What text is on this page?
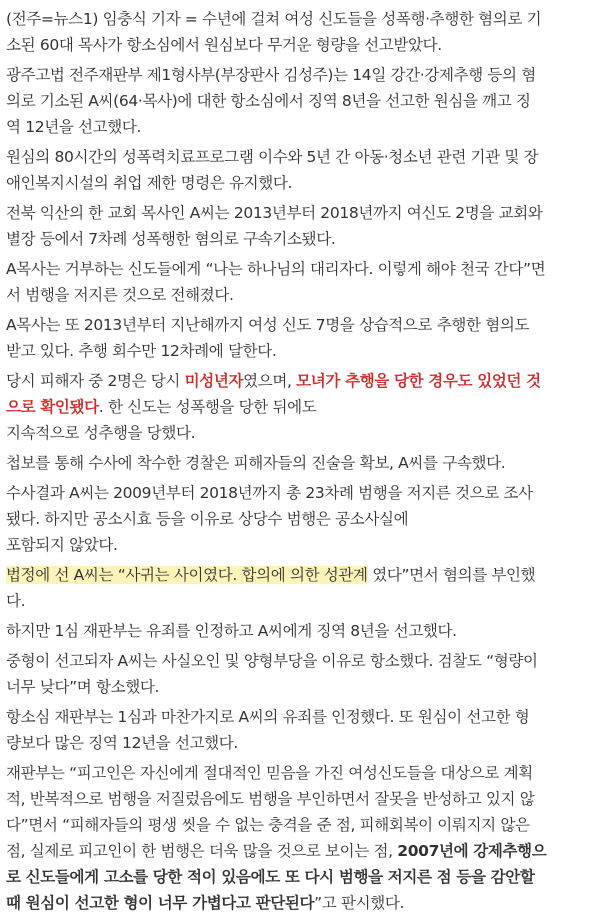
(전주=뉴스1) 임충식 기자 = 수년에 걸쳐 여성 신도들을 성폭행·추행한 혐의로 기
소된 60대 목사가 항소심에서 원심보다 무거운 형량을 선고받았다.
광주고법 전주재판부 제1형사부(부장판사 김성주)는 14일 강간·강제추행 등의 혐
의로 기소된 A씨(64·목사)에 대한 항소심에서 징역 8년을 선고한 원심을 깨고 징
역 12년을 선고했다.
원심의 80시간의 성폭력치료프로그램 이수와 5년 간 아동·청소년 관련 기관 및 장
애인복지시설의 취업 제한 명령은 유지했다.
전북 익산의 한 교회 목사인 A씨는 2013년부터 2018년까지 여신도 2명을 교회와
별장 등에서 7차례 성폭행한 혐의로 구속기소됐다.
A목사는 거부하는 신도들에게 “나는 하나님의 대리자다. 이렇게 해야 천국 간다”면
서 범행을 저지른 것으로 전해졌다.
A목사는 또 2013년부터 지난해까지 여성 신도 7명을 상습적으로 추행한 혐의도
받고 있다. 추행 회수만 12차례에 달한다.
당시 피해자 중 2명은 당시 미성년자였으며, 모녀가 추행을 당한 경우도 있었던 것
으로 확인됐다. 한 신도는 성폭행을 당한 뒤에도
지속적으로 성추행을 당했다.
첩보를 통해 수사에 착수한 경찰은 피해자들의 진술을 확보, A씨를 구속했다.
수사결과 A씨는 2009년부터 2018년까지 총 23차례 범행을 저지른 것으로 조사
됐다. 하지만 공소시효 등을 이유로 상당수 범행은 공소사실에
포함되지 않았다.
법정에 선 A씨는 “사귀는 사이였다. 합의에 의한 성관계 였다”면서 혐의를 부인했
다.
하지만 1심 재판부는 유죄를 인정하고 A씨에게 징역 8년을 선고했다.
중형이 선고되자 A씨는 사실오인 및 양형부당을 이유로 항소했다. 검찰도 “형량이
너무 낮다”며 항소했다.
항소심 재판부는 1심과 마찬가지로 A씨의 유죄를 인정했다. 또 원심이 선고한 형
량보다 많은 징역 12년을 선고했다.
재판부는 “피고인은 자신에게 절대적인 믿음을 가진 여성신도들을 대상으로 계획
적, 반복적으로 범행을 저질렀음에도 범행을 부인하면서 잘못을 반성하고 있지 않
다”면서 “피해자들의 평생 씻을 수 없는 충격을 준 점, 피해회복이 이뤄지지 않은
점, 실제로 피고인이 한 범행은 더욱 많을 것으로 보이는 점, 2007년에 강제추행으
로 신도들에게 고소를 당한 적이 있음에도 또 다시 범행을 저지른 점 등을 감안할
때 원심이 선고한 형이 너무 가볍다고 판단된다”고 판시했다.
